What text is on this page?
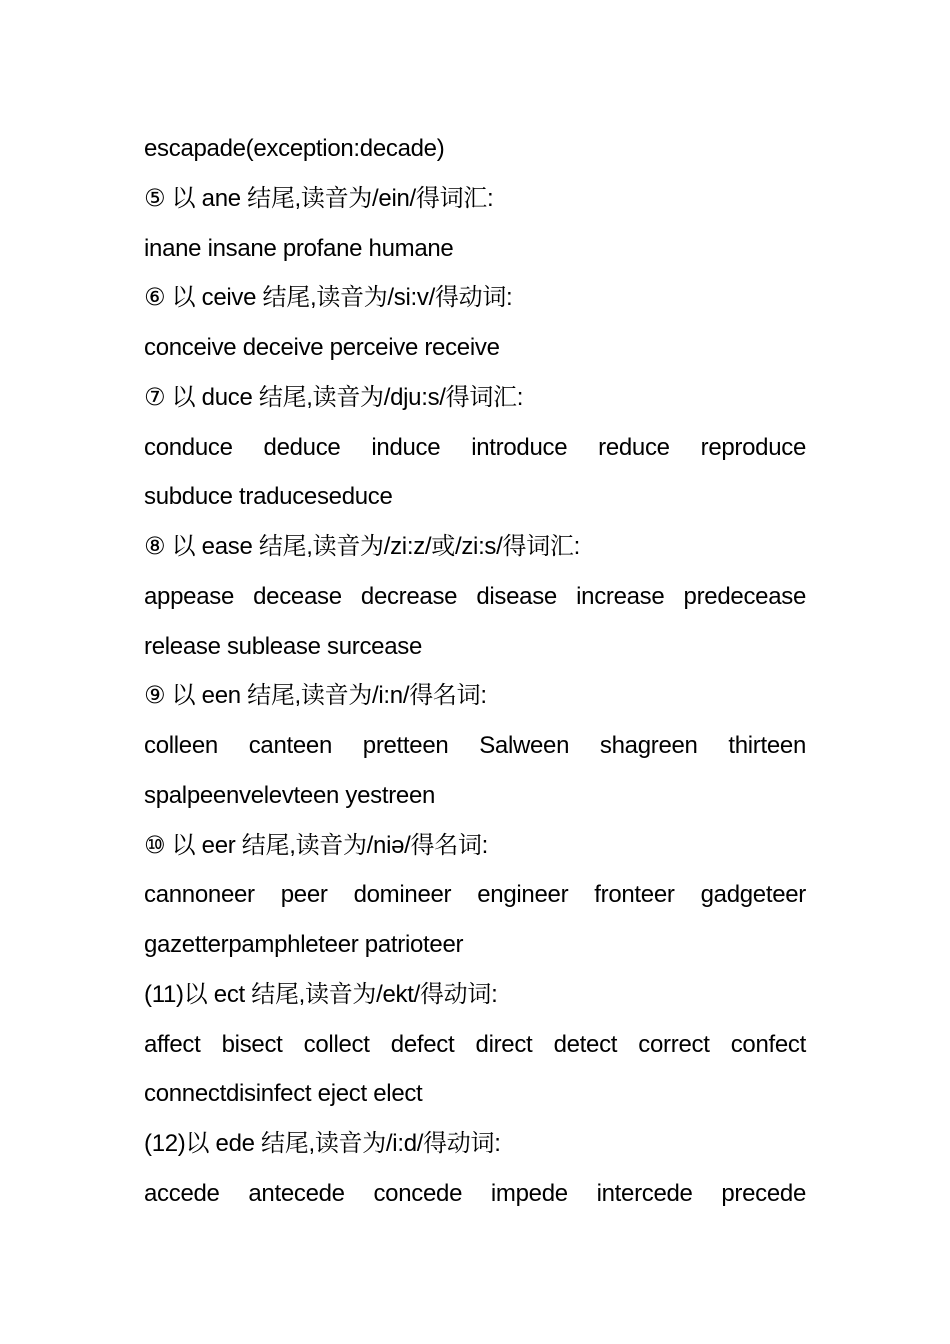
escapade(exception:decade)
⑤ 以 ane 结尾,读音为/ein/得词汇:
inane insane profane humane
⑥ 以 ceive 结尾,读音为/si:v/得动词:
conceive deceive perceive receive
⑦ 以 duce 结尾,读音为/dju:s/得词汇:
conduce deduce induce introduce reduce reproduce
subduce traduceseduce
⑧ 以 ease 结尾,读音为/zi:z/或/zi:s/得词汇:
appease decease decrease disease increase predecease
release sublease surcease
⑨ 以 een 结尾,读音为/i:n/得名词:
colleen canteen pretteen Salween shagreen thirteen
spalpeenvelevteen yestreen
⑩ 以 eer 结尾,读音为/niə/得名词:
cannoneer peer domineer engineer fronteer gadgeteer
gazetterpamphleteer patrioteer
(11)以 ect 结尾,读音为/ekt/得动词:
affect bisect collect defect direct detect correct confect
connectdisinfect eject elect
(12)以 ede 结尾,读音为/i:d/得动词:
accede antecede concede impede intercede precede
